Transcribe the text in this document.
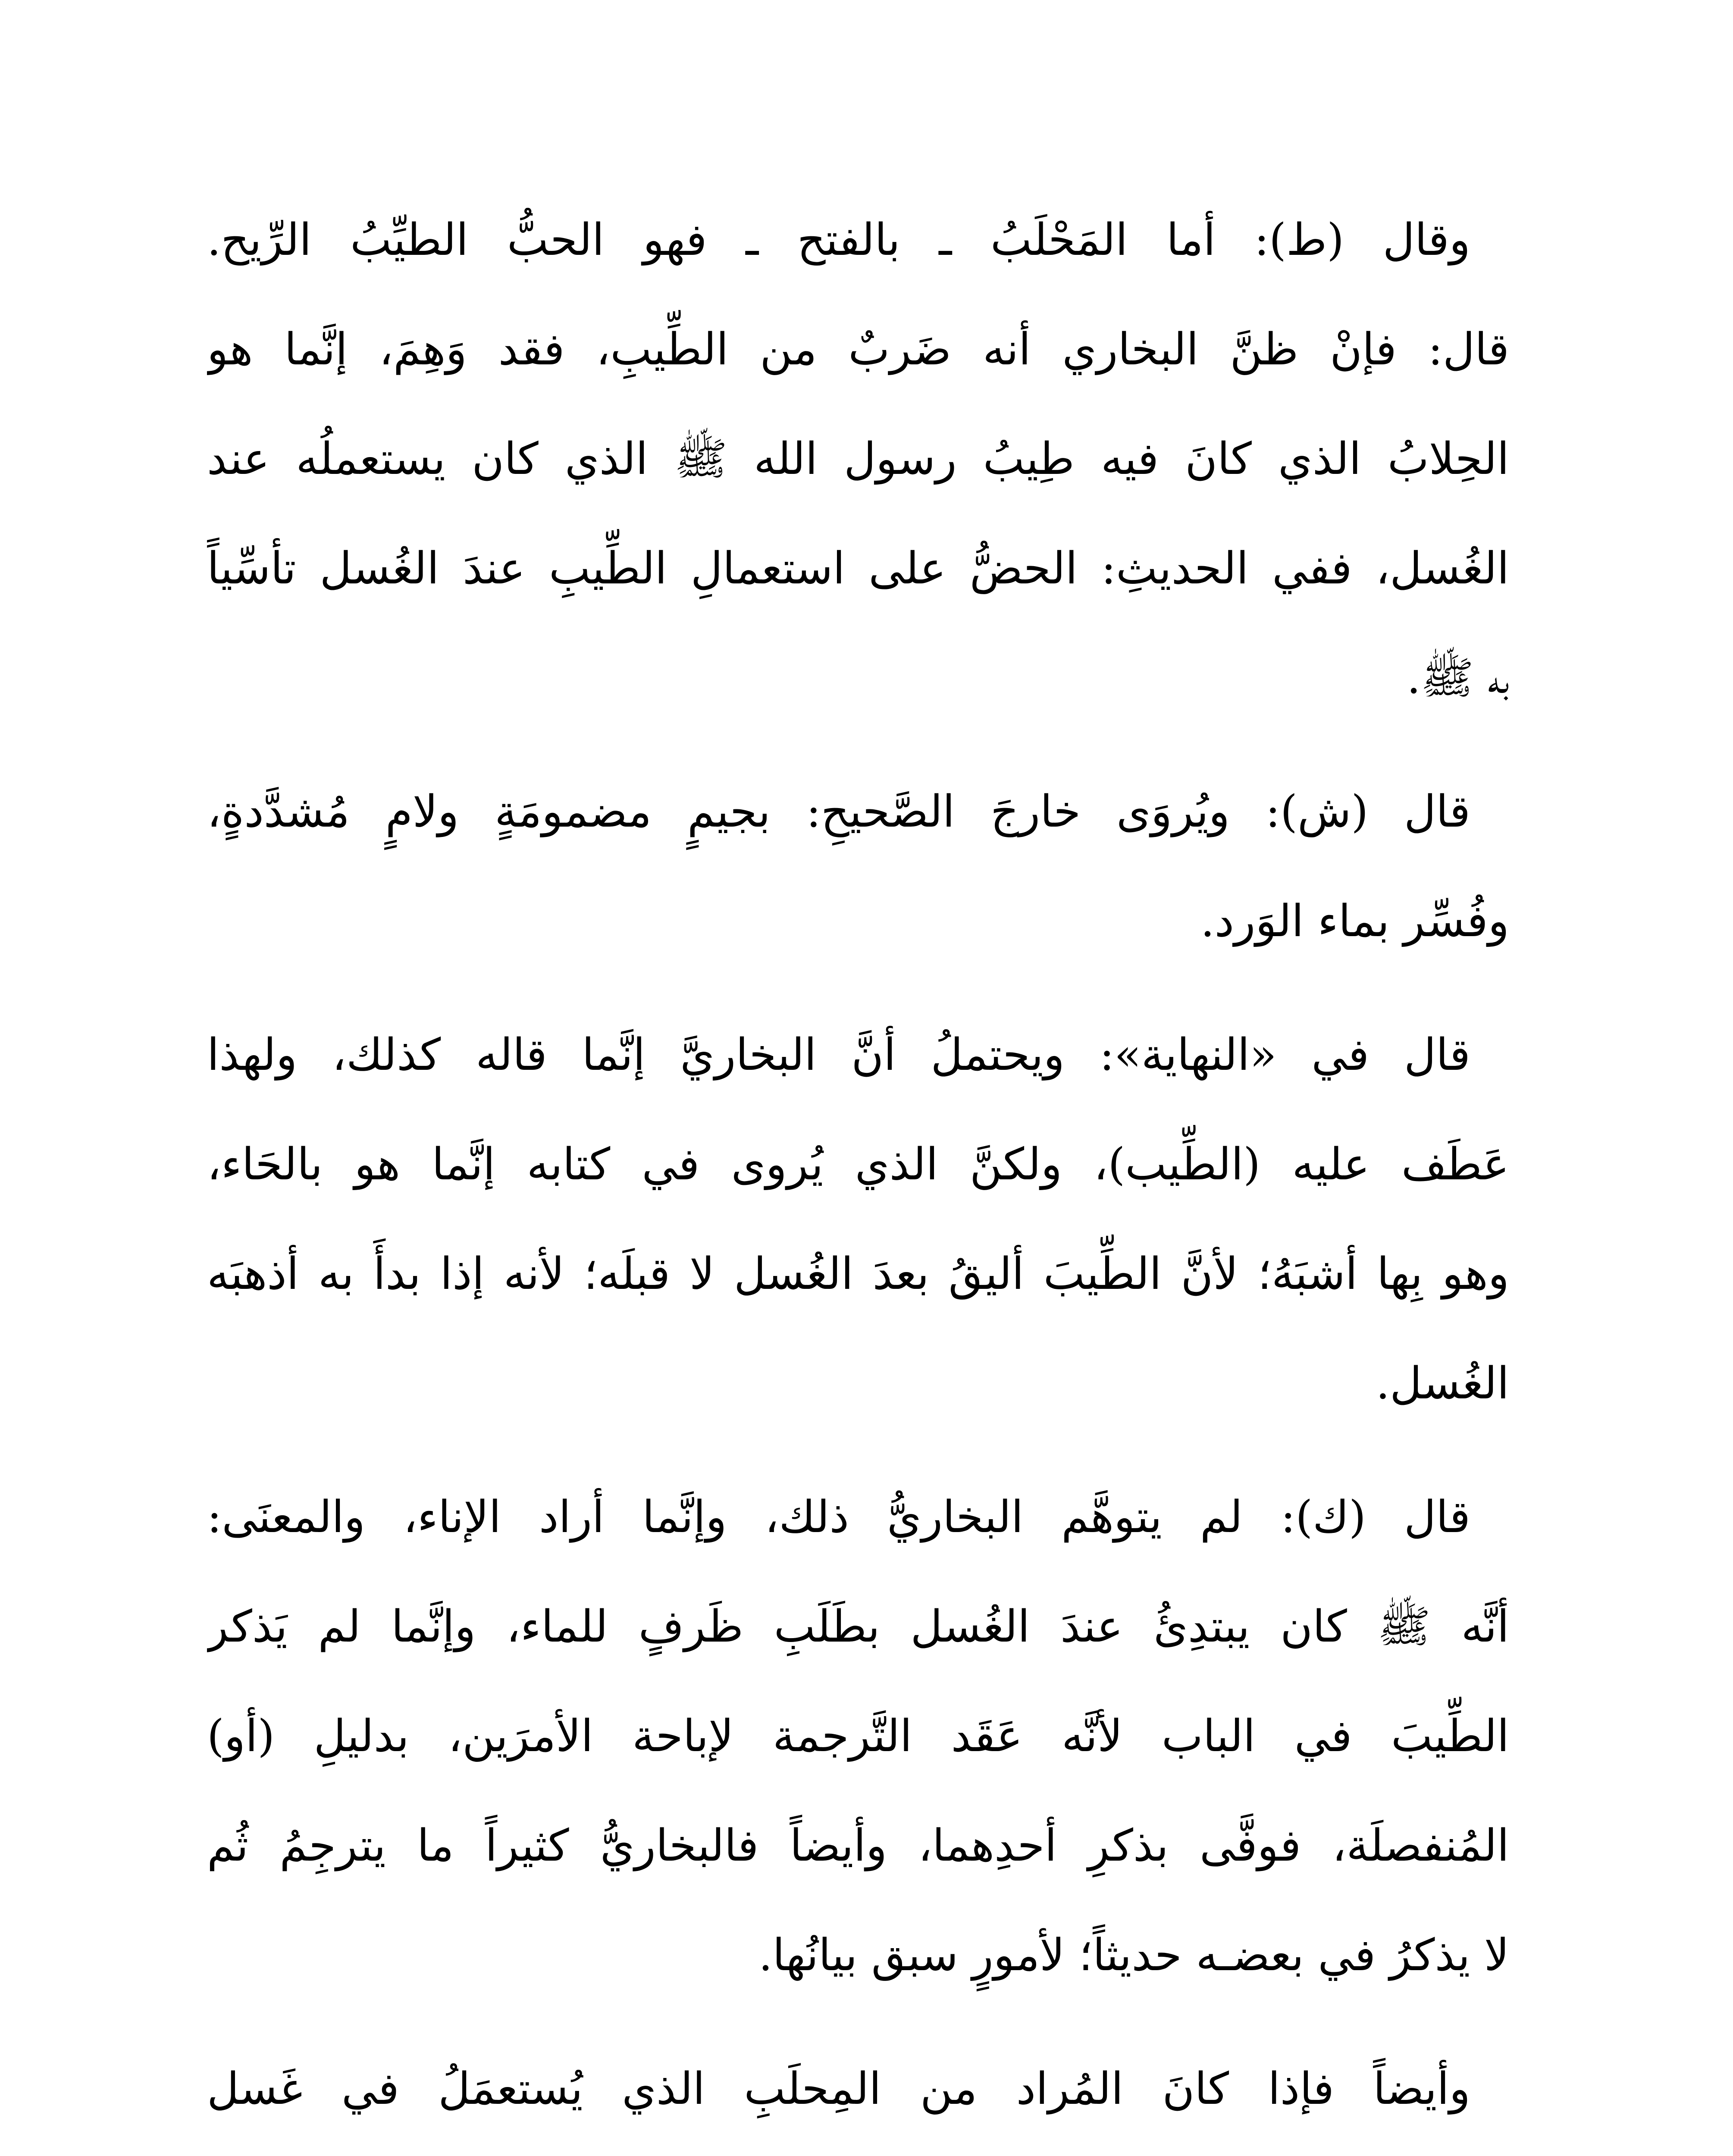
وقال (ط): أما المَحْلَبُ ـ بالفتح ـ فهو الحبُّ الطيِّبُ الرِّيح.
قال: فإنْ ظنَّ البخاري أنه ضَربٌ من الطِّيبِ، فقد وَهِمَ، إنَّما هو
الحِلابُ الذي كانَ فيه طِيبُ رسول الله ﷺ الذي كان يستعملُه عند
الغُسل، ففي الحديثِ: الحضُّ على استعمالِ الطِّيبِ عندَ الغُسل تأسِّياً
به ﷺ.
قال (ش): ويُروَى خارجَ الصَّحيحِ: بجيمٍ مضمومَةٍ ولامٍ مُشدَّدةٍ،
وفُسِّر بماء الوَرد.
قال في «النهاية»: ويحتملُ أنَّ البخاريَّ إنَّما قاله كذلك، ولهذا
عَطَف عليه (الطِّيب)، ولكنَّ الذي يُروى في كتابه إنَّما هو بالحَاء،
وهو بِها أشبَهُ؛ لأنَّ الطِّيبَ أليقُ بعدَ الغُسل لا قبلَه؛ لأنه إذا بدأَ به أذهبَه
الغُسل.
قال (ك): لم يتوهَّم البخاريُّ ذلك، وإنَّما أراد الإناء، والمعنَى:
أنَّه ﷺ كان يبتدِئُ عندَ الغُسل بطَلَبِ ظَرفٍ للماء، وإنَّما لم يَذكر
الطِّيبَ في الباب لأنَّه عَقَد التَّرجمة لإباحة الأمرَين، بدليلِ (أو)
المُنفصلَة، فوفَّى بذكرِ أحدِهما، وأيضاً فالبخاريُّ كثيراً ما يترجِمُ ثُم
لا يذكرُ في بعضـه حديثاً؛ لأمورٍ سبق بيانُها.
وأيضاً فإذا كانَ المُراد من المِحلَبِ الذي يُستعمَلُ في غَسل
